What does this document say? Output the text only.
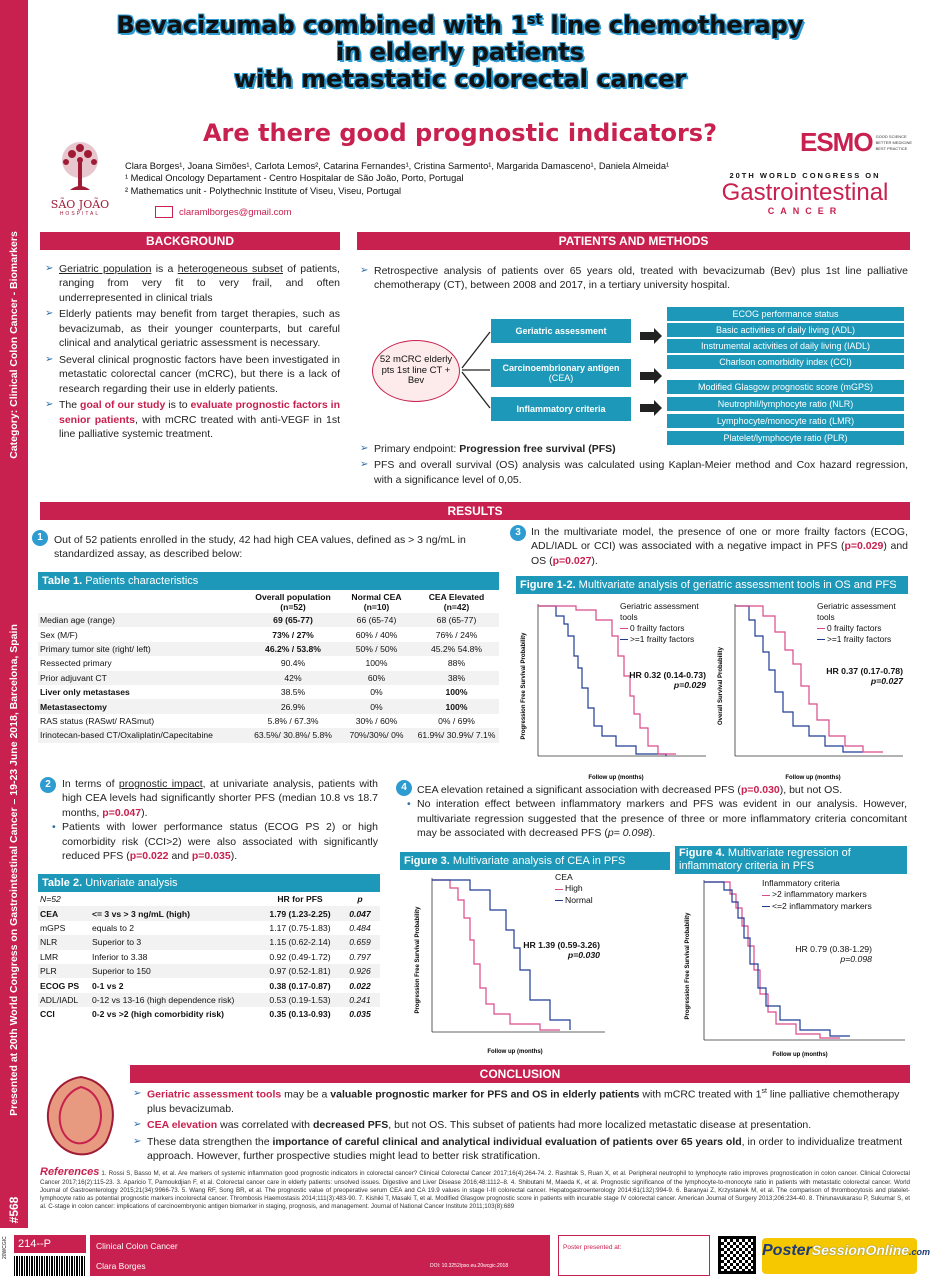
Category: Clinical Colon Cancer - Biomarkers
Presented at 20th World Congress on Gastrointestinal Cancer – 19-23 June 2018, Barcelona, Spain
#568
Bevacizumab combined with 1st line chemotherapy
in elderly patients
with metastatic colorectal cancer
Are there good prognostic indicators?
SÃO JOÃO
HOSPITAL
Clara Borges¹, Joana Simões¹, Carlota Lemos², Catarina Fernandes¹, Cristina Sarmento¹, Margarida Damasceno¹, Daniela Almeida¹
¹ Medical Oncology Departament - Centro Hospitalar de São João, Porto, Portugal
² Mathematics unit - Polythechnic Institute of Viseu, Viseu, Portugal
claramlborges@gmail.com
ESMO GOOD SCIENCE
BETTER MEDICINE
BEST PRACTICE
20TH WORLD CONGRESS ON
Gastrointestinal
CANCER
BACKGROUND	PATIENTS AND METHODS
➢ Geriatric population is a heterogeneous subset of patients, ranging from very fit to very frail, and often underrepresented in clinical trials
➢ Elderly patients may benefit from target therapies, such as bevacizumab, as their younger counterparts, but careful clinical and analytical geriatric assessment is necessary.
➢ Several clinical prognostic factors have been investigated in metastatic colorectal cancer (mCRC), but there is a lack of research regarding their use in elderly patients.
➢ The goal of our study is to evaluate prognostic factors in senior patients, with mCRC treated with anti-VEGF in 1st line palliative systemic treatment.
➢ Retrospective analysis of patients over 65 years old, treated with bevacizumab (Bev) plus 1st line palliative chemotherapy (CT), between 2008 and 2017, in a tertiary university hospital.
52 mCRC elderly pts 1st line CT + Bev
Geriatric assessment
Carcinoembrionary antigen
(CEA)
Inflammatory criteria
ECOG performance status
Basic activities of daily living (ADL)
Instrumental activities of daily living (IADL)
Charlson comorbidity index (CCI)
Modified Glasgow prognostic score (mGPS)
Neutrophil/lymphocyte ratio (NLR)
Lymphocyte/monocyte ratio (LMR)
Platelet/lymphocyte ratio (PLR)
➢ Primary endpoint: Progression free survival (PFS)
➢ PFS and overall survival (OS) analysis was calculated using Kaplan-Meier method and Cox hazard regression, with a significance level of 0,05.
RESULTS
1	Out of 52 patients enrolled in the study, 42 had high CEA values, defined as > 3 ng/mL in standardized assay, as described below:
Table 1. Patients characteristics
	Overall population (n=52)	Normal CEA (n=10)	CEA Elevated (n=42)
Median age (range)	69 (65-77)	66 (65-74)	68 (65-77)
Sex (M/F)	73% / 27%	60% / 40%	76% / 24%
Primary tumor site (right/ left)	46.2% / 53.8%	50% / 50%	45.2% 54.8%
Ressected primary	90.4%	100%	88%
Prior adjuvant CT	42%	60%	38%
Liver only metastases	38.5%	0%	100%
Metastasectomy	26.9%	0%	100%
RAS status (RASwt/ RASmut)	5.8% / 67.3%	30% / 60%	0% / 69%
Irinotecan-based CT/Oxaliplatin/Capecitabine	63.5%/ 30.8%/ 5.8%	70%/30%/ 0%	61.9%/ 30.9%/ 7.1%
2	In terms of prognostic impact, at univariate analysis, patients with high CEA levels had significantly shorter PFS (median 10.8 vs 18.7 months, p=0.047).
• Patients with lower performance status (ECOG PS 2) or high comorbidity risk (CCI>2) were also associated with significantly reduced PFS (p=0.022 and p=0.035).
Table 2. Univariate analysis
N=52		HR for PFS	p
CEA	<= 3 vs > 3 ng/mL (high)	1.79 (1.23-2.25)	0.047
mGPS	equals to 2	1.17 (0.75-1.83)	0.484
NLR	Superior to 3	1.15 (0.62-2.14)	0.659
LMR	Inferior to 3.38	0.92 (0.49-1.72)	0.797
PLR	Superior to 150	0.97 (0.52-1.81)	0.926
ECOG PS	0-1 vs 2	0.38 (0.17-0.87)	0.022
ADL/IADL	0-12 vs 13-16 (high dependence risk)	0.53 (0.19-1.53)	0.241
CCI	0-2 vs >2 (high comorbidity risk)	0.35 (0.13-0.93)	0.035
3 In the multivariate model, the presence of one or more frailty factors (ECOG, ADL/IADL or CCI) was associated with a negative impact in PFS (p=0.029) and OS (p=0.027).
Figure 1-2. Multivariate analysis of geriatric assessment tools in OS and PFS
Progression Free Survival Probability
Follow up (months)
Geriatric assessment tools
0 frailty factors
>=1 frailty factors
HR 0.32 (0.14-0.73)
p=0.029 Overall Survival Probability
Follow up (months)
Geriatric assessment tools
0 frailty factors
>=1 frailty factors
HR 0.37 (0.17-0.78)
p=0.027
4 CEA elevation retained a significant association with decreased PFS (p=0.030), but not OS.
• No interation effect between inflammatory markers and PFS was evident in our analysis. However, multivariate regression suggested that the presence of three or more inflammatory criteria concomitant may be associated with decreased PFS (p= 0.098).
Figure 3. Multivariate analysis of CEA in PFS
Progression Free Survival Probability
Follow up (months)
CEA
High
Normal
HR 1.39 (0.59-3.26)
p=0.030
Figure 4. Multivariate regression of inflammatory criteria in PFS
Progression Free Survival Probability
Follow up (months)
Inflammatory criteria
>2 inflammatory markers
<=2 inflammatory markers
HR 0.79 (0.38-1.29)
p=0.098
CONCLUSION
➢ Geriatric assessment tools may be a valuable prognostic marker for PFS and OS in elderly patients with mCRC treated with 1st line palliative chemotherapy plus bevacizumab.
➢ CEA elevation was correlated with decreased PFS, but not OS. This subset of patients had more localized metastatic disease at presentation.
➢ These data strengthen the importance of careful clinical and analytical individual evaluation of patients over 65 years old, in order to individualize treatment approach. However, further prospective studies might lead to better risk stratification.
References 1. Rossi S, Basso M, et al. Are markers of systemic inflammation good prognostic indicators in colorectal cancer? Clinical Colorectal Cancer 2017;16(4):264-74. 2. Rashtak S, Ruan X, et al. Peripheral neutrophil to lymphocyte ratio improves prognostication in colon cancer. Clinical Colorectal Cancer 2017;16(2):115-23. 3. Aparicio T, Pamoukdjian F, et al. Colorectal cancer care in elderly patients: unsolved issues. Digestive and Liver Disease 2016;48:1112–8. 4. Shibutani M, Maeda K, et al. Prognostic significance of the lymphocyte-to-monocyte ratio in patients with metastatic colorectal cancer. World Journal of Gastroenterology 2015;21(34):9966-73. 5. Wang RF, Song BR, et al. The prognostic value of preoperative serum CEA and CA 19.9 values in stage I-III colorectal cancer. Hepatogastroenterology 2014;61(132):994-9. 6. Baranyai Z, Krzystanek M, et al. The comparison of thrombocytosis and platelet-lymphocyte ratio as potential prognostic markers incolorectal cancer. Thrombosis Haemostasis 2014;111(3):483-90. 7. Kishiki T, Masaki T, et al. Modified Glasgow prognostic score in patients with incurable stage IV colorectal cancer. American Journal of Surgery 2013;206:234-40. 8. Thirunavukarasu P, Sukumar S, et al. C-stage in colon cancer: implications of carcinoembryonic antigen biomarker in staging, prognosis, and management. Journal of National Cancer Institute 2011;103(8):689
20WCGIC 214--P	Clinical Colon Cancer
Clara Borges	DOI: 10.3252/pso.eu.20wcgic.2018
Poster presented at:	PosterSessionOnline.com
